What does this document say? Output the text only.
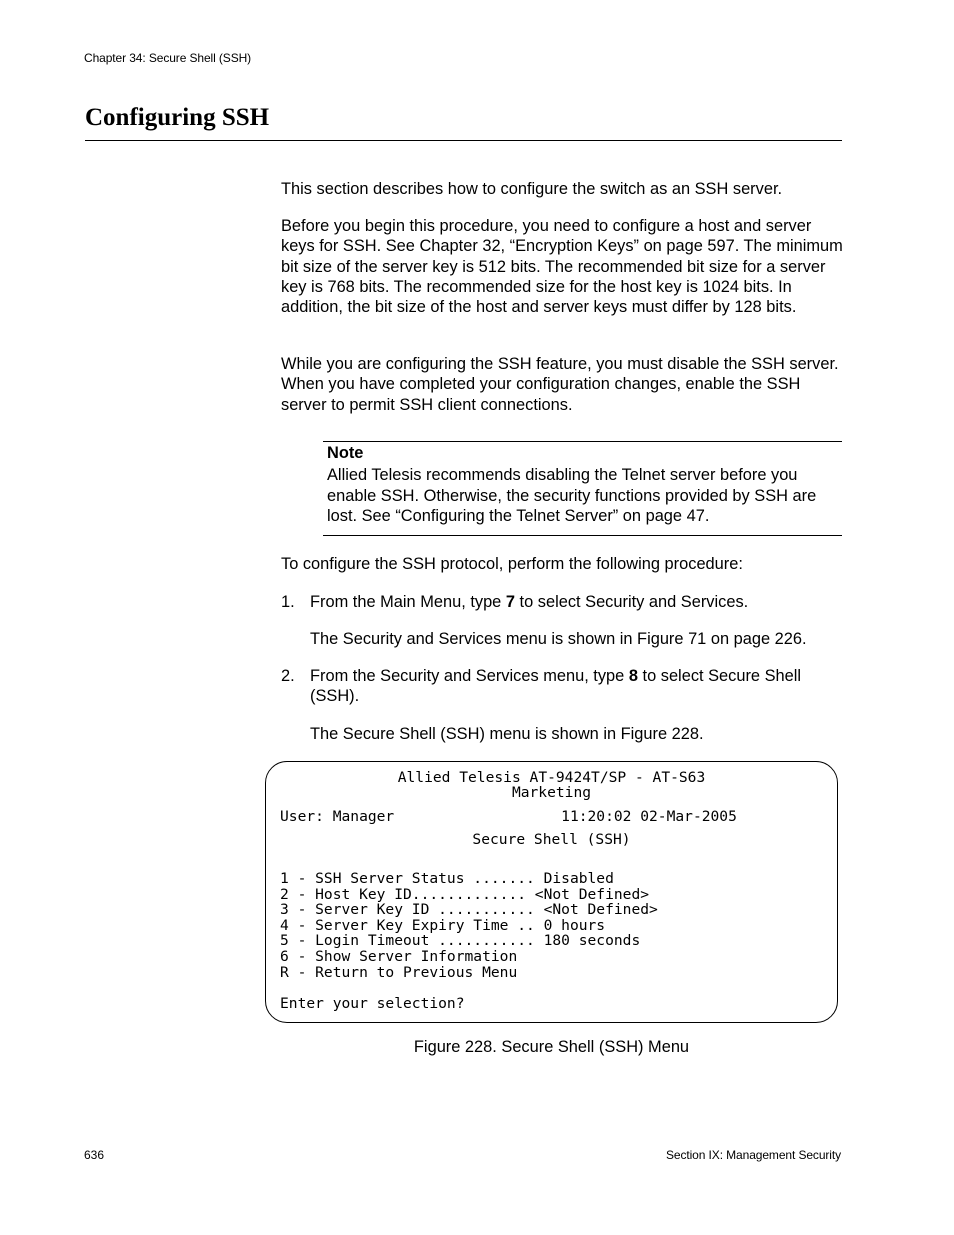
Chapter 34: Secure Shell (SSH)
Configuring SSH

This section describes how to configure the switch as an SSH server.

Before you begin this procedure, you need to configure a host and server keys for SSH. See Chapter 32, “Encryption Keys” on page 597. The minimum bit size of the server key is 512 bits. The recommended bit size for a server key is 768 bits. The recommended size for the host key is 1024 bits. In addition, the bit size of the host and server keys must differ by 128 bits.

While you are configuring the SSH feature, you must disable the SSH server. When you have completed your configuration changes, enable the SSH server to permit SSH client connections.

Note

Allied Telesis recommends disabling the Telnet server before you enable SSH. Otherwise, the security functions provided by SSH are lost. See “Configuring the Telnet Server” on page 47.

To configure the SSH protocol, perform the following procedure:

1. From the Main Menu, type 7 to select Security and Services.
The Security and Services menu is shown in Figure 71 on page 226.
2. From the Security and Services menu, type 8 to select Secure Shell (SSH).
The Secure Shell (SSH) menu is shown in Figure 228.
Allied Telesis AT-9424T/SP - AT-S63
Marketing
User: Manager                   11:20:02 02-Mar-2005
Secure Shell (SSH)
1 - SSH Server Status ....... Disabled
2 - Host Key ID............. <Not Defined>
3 - Server Key ID ........... <Not Defined>
4 - Server Key Expiry Time .. 0 hours
5 - Login Timeout ........... 180 seconds
6 - Show Server Information
R - Return to Previous Menu
Enter your selection?
Figure 228. Secure Shell (SSH) Menu
636	Section IX: Management Security
